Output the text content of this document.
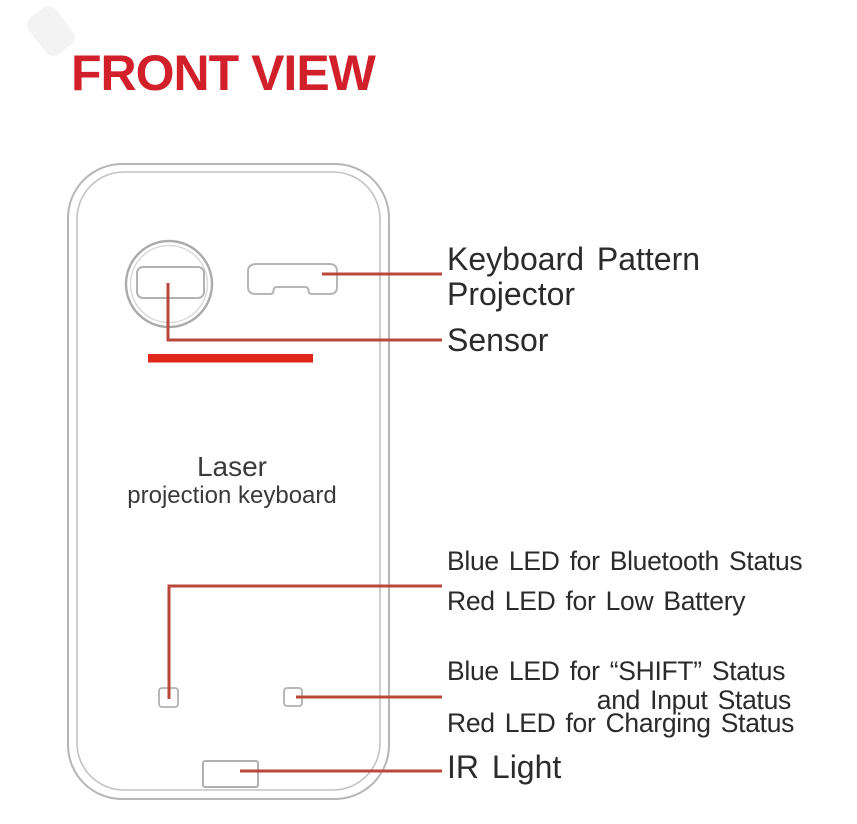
FRONT VIEW
Laser
projection keyboard
Keyboard Pattern
Projector
Sensor
Blue LED for Bluetooth Status
Red LED for Low Battery
Blue LED for “SHIFT” Status
and Input Status
Red LED for Charging Status
IR Light
